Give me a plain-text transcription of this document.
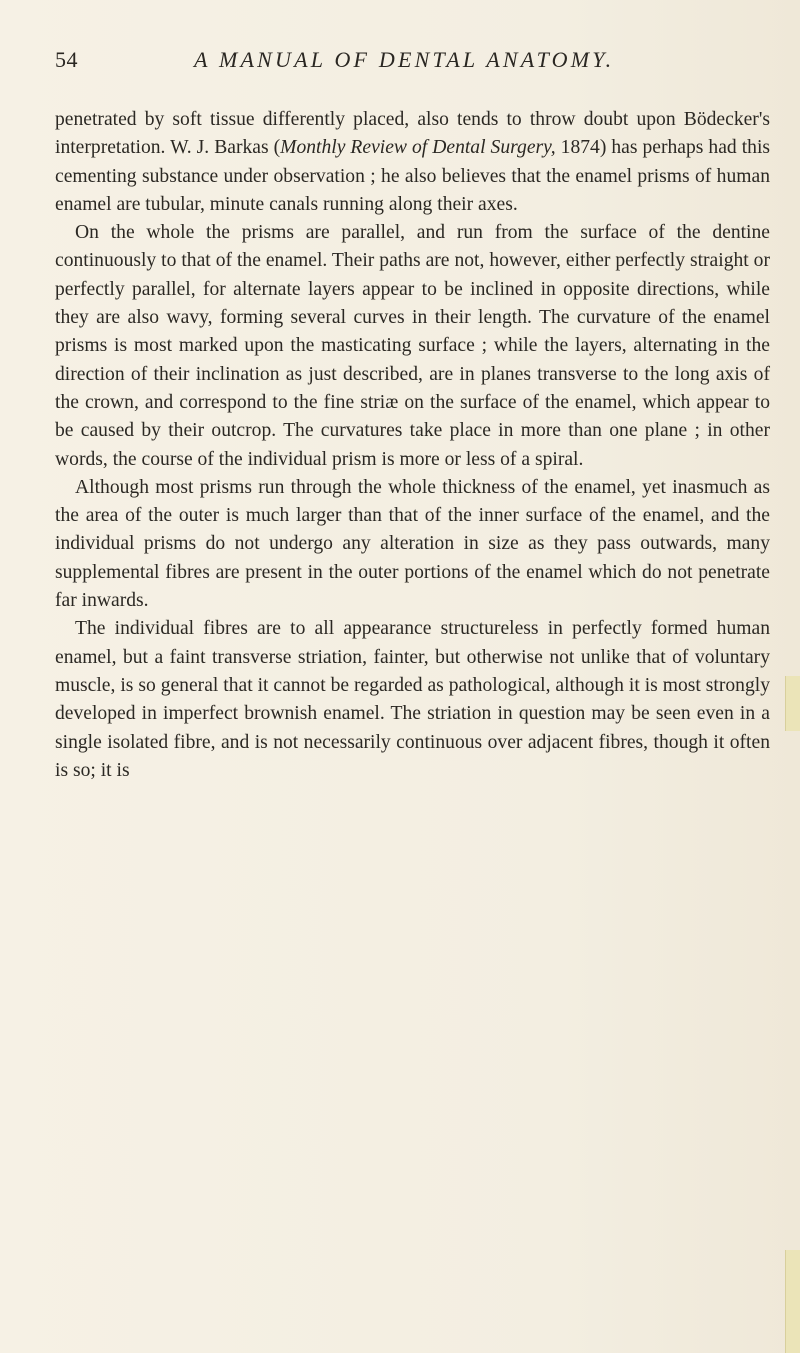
54	A MANUAL OF DENTAL ANATOMY.

penetrated by soft tissue differently placed, also tends to throw doubt upon Bödecker's interpretation. W. J. Barkas (Monthly Review of Dental Surgery, 1874) has perhaps had this cementing substance under observation ; he also believes that the enamel prisms of human enamel are tubular, minute canals running along their axes.

On the whole the prisms are parallel, and run from the surface of the dentine continuously to that of the enamel. Their paths are not, however, either perfectly straight or perfectly parallel, for alternate layers appear to be inclined in opposite directions, while they are also wavy, forming several curves in their length. The curvature of the enamel prisms is most marked upon the masticating surface ; while the layers, alternating in the direction of their inclination as just described, are in planes transverse to the long axis of the crown, and correspond to the fine striæ on the surface of the enamel, which appear to be caused by their outcrop. The curvatures take place in more than one plane ; in other words, the course of the individual prism is more or less of a spiral.

Although most prisms run through the whole thickness of the enamel, yet inasmuch as the area of the outer is much larger than that of the inner surface of the enamel, and the individual prisms do not undergo any alteration in size as they pass outwards, many supplemental fibres are present in the outer portions of the enamel which do not penetrate far inwards.

The individual fibres are to all appearance structureless in perfectly formed human enamel, but a faint transverse striation, fainter, but otherwise not unlike that of voluntary muscle, is so general that it cannot be regarded as pathological, although it is most strongly developed in imperfect brownish enamel. The striation in question may be seen even in a single isolated fibre, and is not necessarily continuous over adjacent fibres, though it often is so; it is
